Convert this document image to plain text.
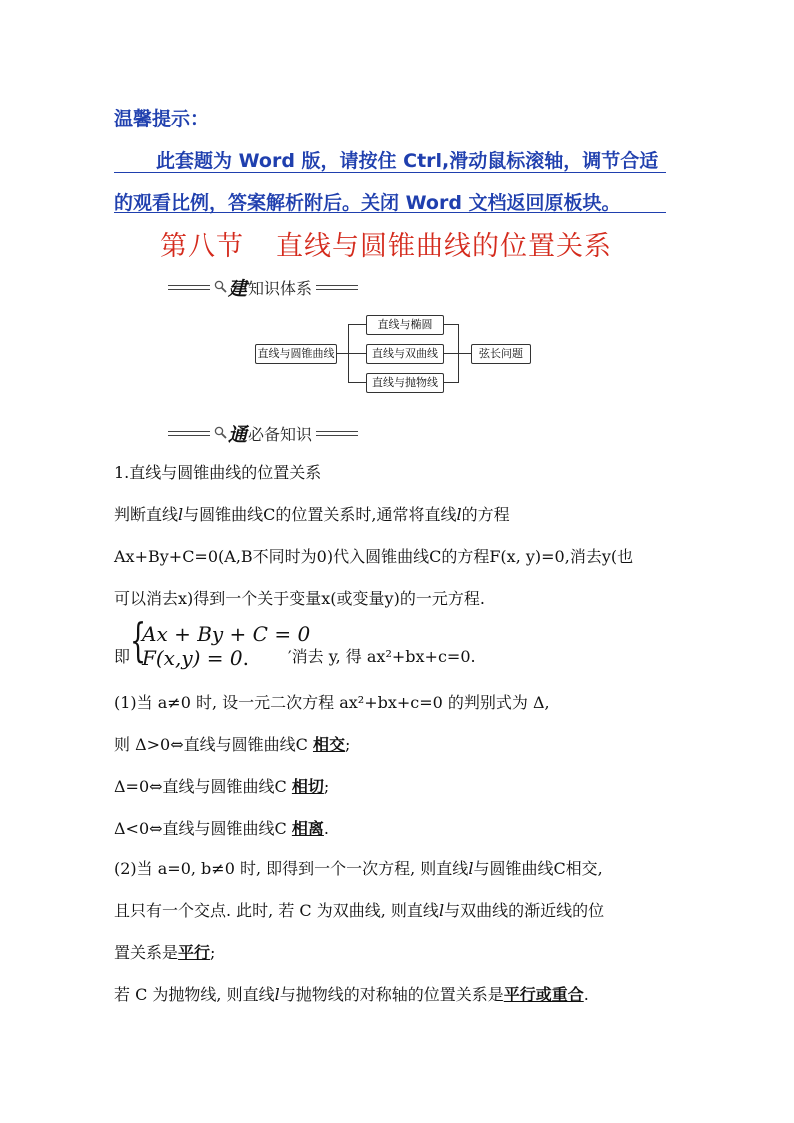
温馨提示：
此套题为 Word 版，请按住 Ctrl,滑动鼠标滚轴，调节合适
的观看比例，答案解析附后。关闭 Word 文档返回原板块。
第八节 直线与圆锥曲线的位置关系
建 知识体系
直线与圆锥曲线
直线与椭圆
直线与双曲线
直线与抛物线
弦长问题
通 必备知识
1.直线与圆锥曲线的位置关系
判断直线l与圆锥曲线C的位置关系时,通常将直线l的方程
Ax+By+C=0(A,B不同时为0)代入圆锥曲线C的方程F(x, y)=0,消去y(也
可以消去x)得到一个关于变量x(或变量y)的一元方程.
即 {
Ax + By + C = 0
F(x,y) = 0. ′消去 y, 得 ax²+bx+c=0.
(1)当 a≠0 时, 设一元二次方程 ax²+bx+c=0 的判别式为 Δ,
则 Δ>0⇔直线与圆锥曲线C 相交;
Δ=0⇔直线与圆锥曲线C 相切;
Δ<0⇔直线与圆锥曲线C 相离.
(2)当 a=0, b≠0 时, 即得到一个一次方程, 则直线l与圆锥曲线C相交,
且只有一个交点. 此时, 若 C 为双曲线, 则直线l与双曲线的渐近线的位
置关系是平行;
若 C 为抛物线, 则直线l与抛物线的对称轴的位置关系是平行或重合.
